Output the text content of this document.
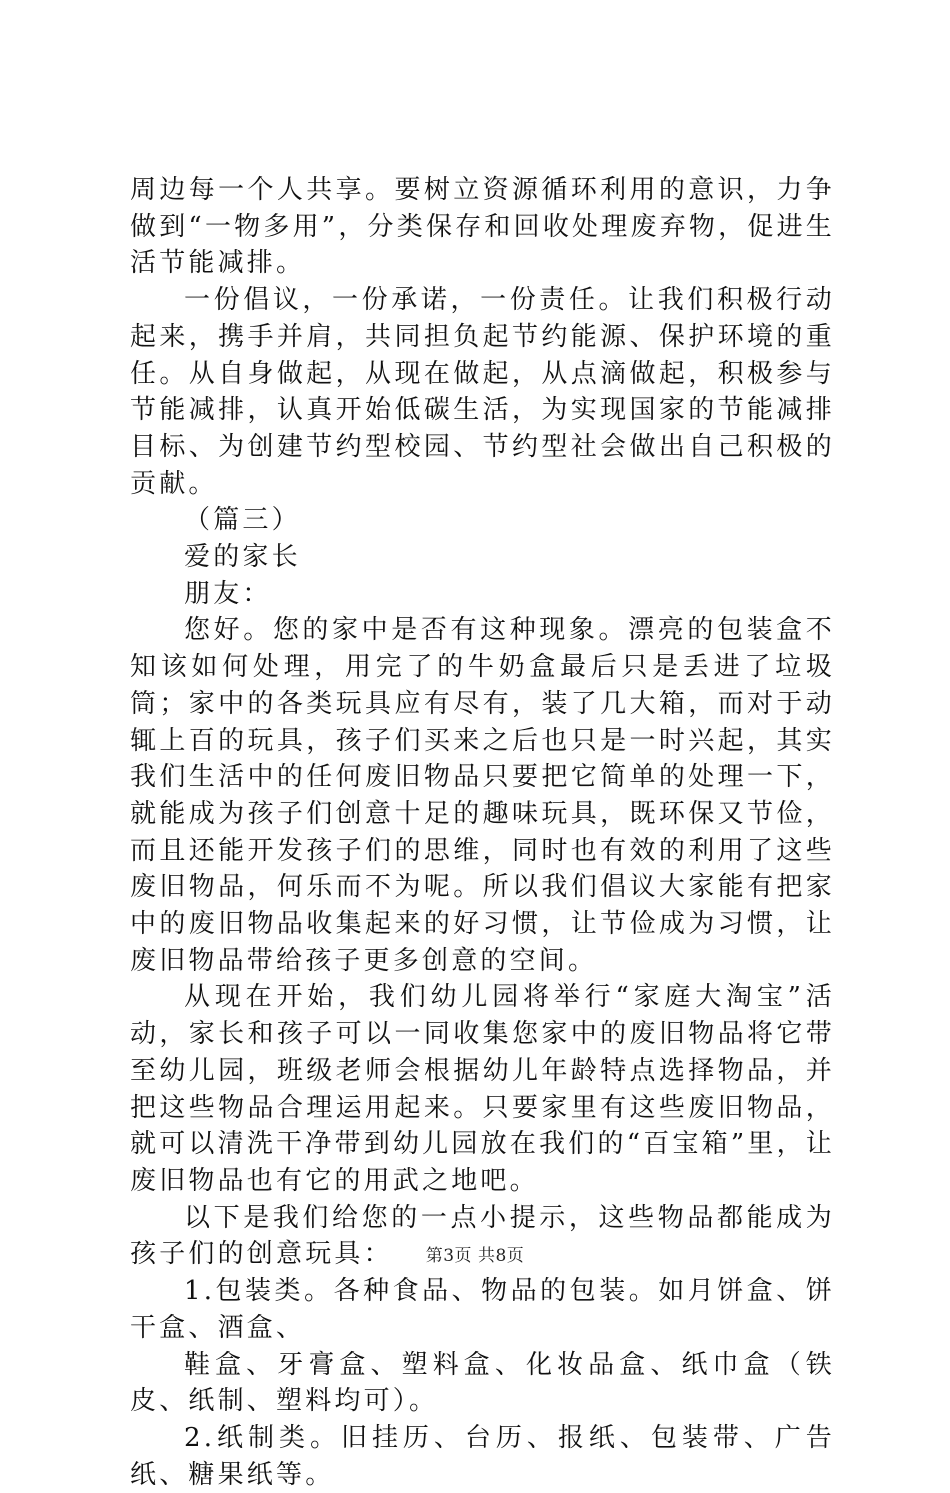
周边每一个人共享。要树立资源循环利用的意识，力争做到“一物多用”，分类保存和回收处理废弃物，促进生活节能减排。

一份倡议，一份承诺，一份责任。让我们积极行动起来，携手并肩，共同担负起节约能源、保护环境的重任。从自身做起，从现在做起，从点滴做起，积极参与节能减排，认真开始低碳生活，为实现国家的节能减排目标、为创建节约型校园、节约型社会做出自己积极的贡献。

（篇三）

爱的家长

朋友：

您好。您的家中是否有这种现象。漂亮的包装盒不知该如何处理，用完了的牛奶盒最后只是丢进了垃圾筒；家中的各类玩具应有尽有，装了几大箱，而对于动辄上百的玩具，孩子们买来之后也只是一时兴起，其实我们生活中的任何废旧物品只要把它简单的处理一下，就能成为孩子们创意十足的趣味玩具，既环保又节俭，而且还能开发孩子们的思维，同时也有效的利用了这些废旧物品，何乐而不为呢。所以我们倡议大家能有把家中的废旧物品收集起来的好习惯，让节俭成为习惯，让废旧物品带给孩子更多创意的空间。

从现在开始，我们幼儿园将举行“家庭大淘宝”活动，家长和孩子可以一同收集您家中的废旧物品将它带至幼儿园，班级老师会根据幼儿年龄特点选择物品，并把这些物品合理运用起来。只要家里有这些废旧物品，就可以清洗干净带到幼儿园放在我们的“百宝箱”里，让废旧物品也有它的用武之地吧。

以下是我们给您的一点小提示，这些物品都能成为孩子们的创意玩具：

1.包装类。各种食品、物品的包装。如月饼盒、饼干盒、酒盒、

鞋盒、牙膏盒、塑料盒、化妆品盒、纸巾盒（铁皮、纸制、塑料均可）。

2.纸制类。旧挂历、台历、报纸、包装带、广告纸、糖果纸等。

第3页 共8页
